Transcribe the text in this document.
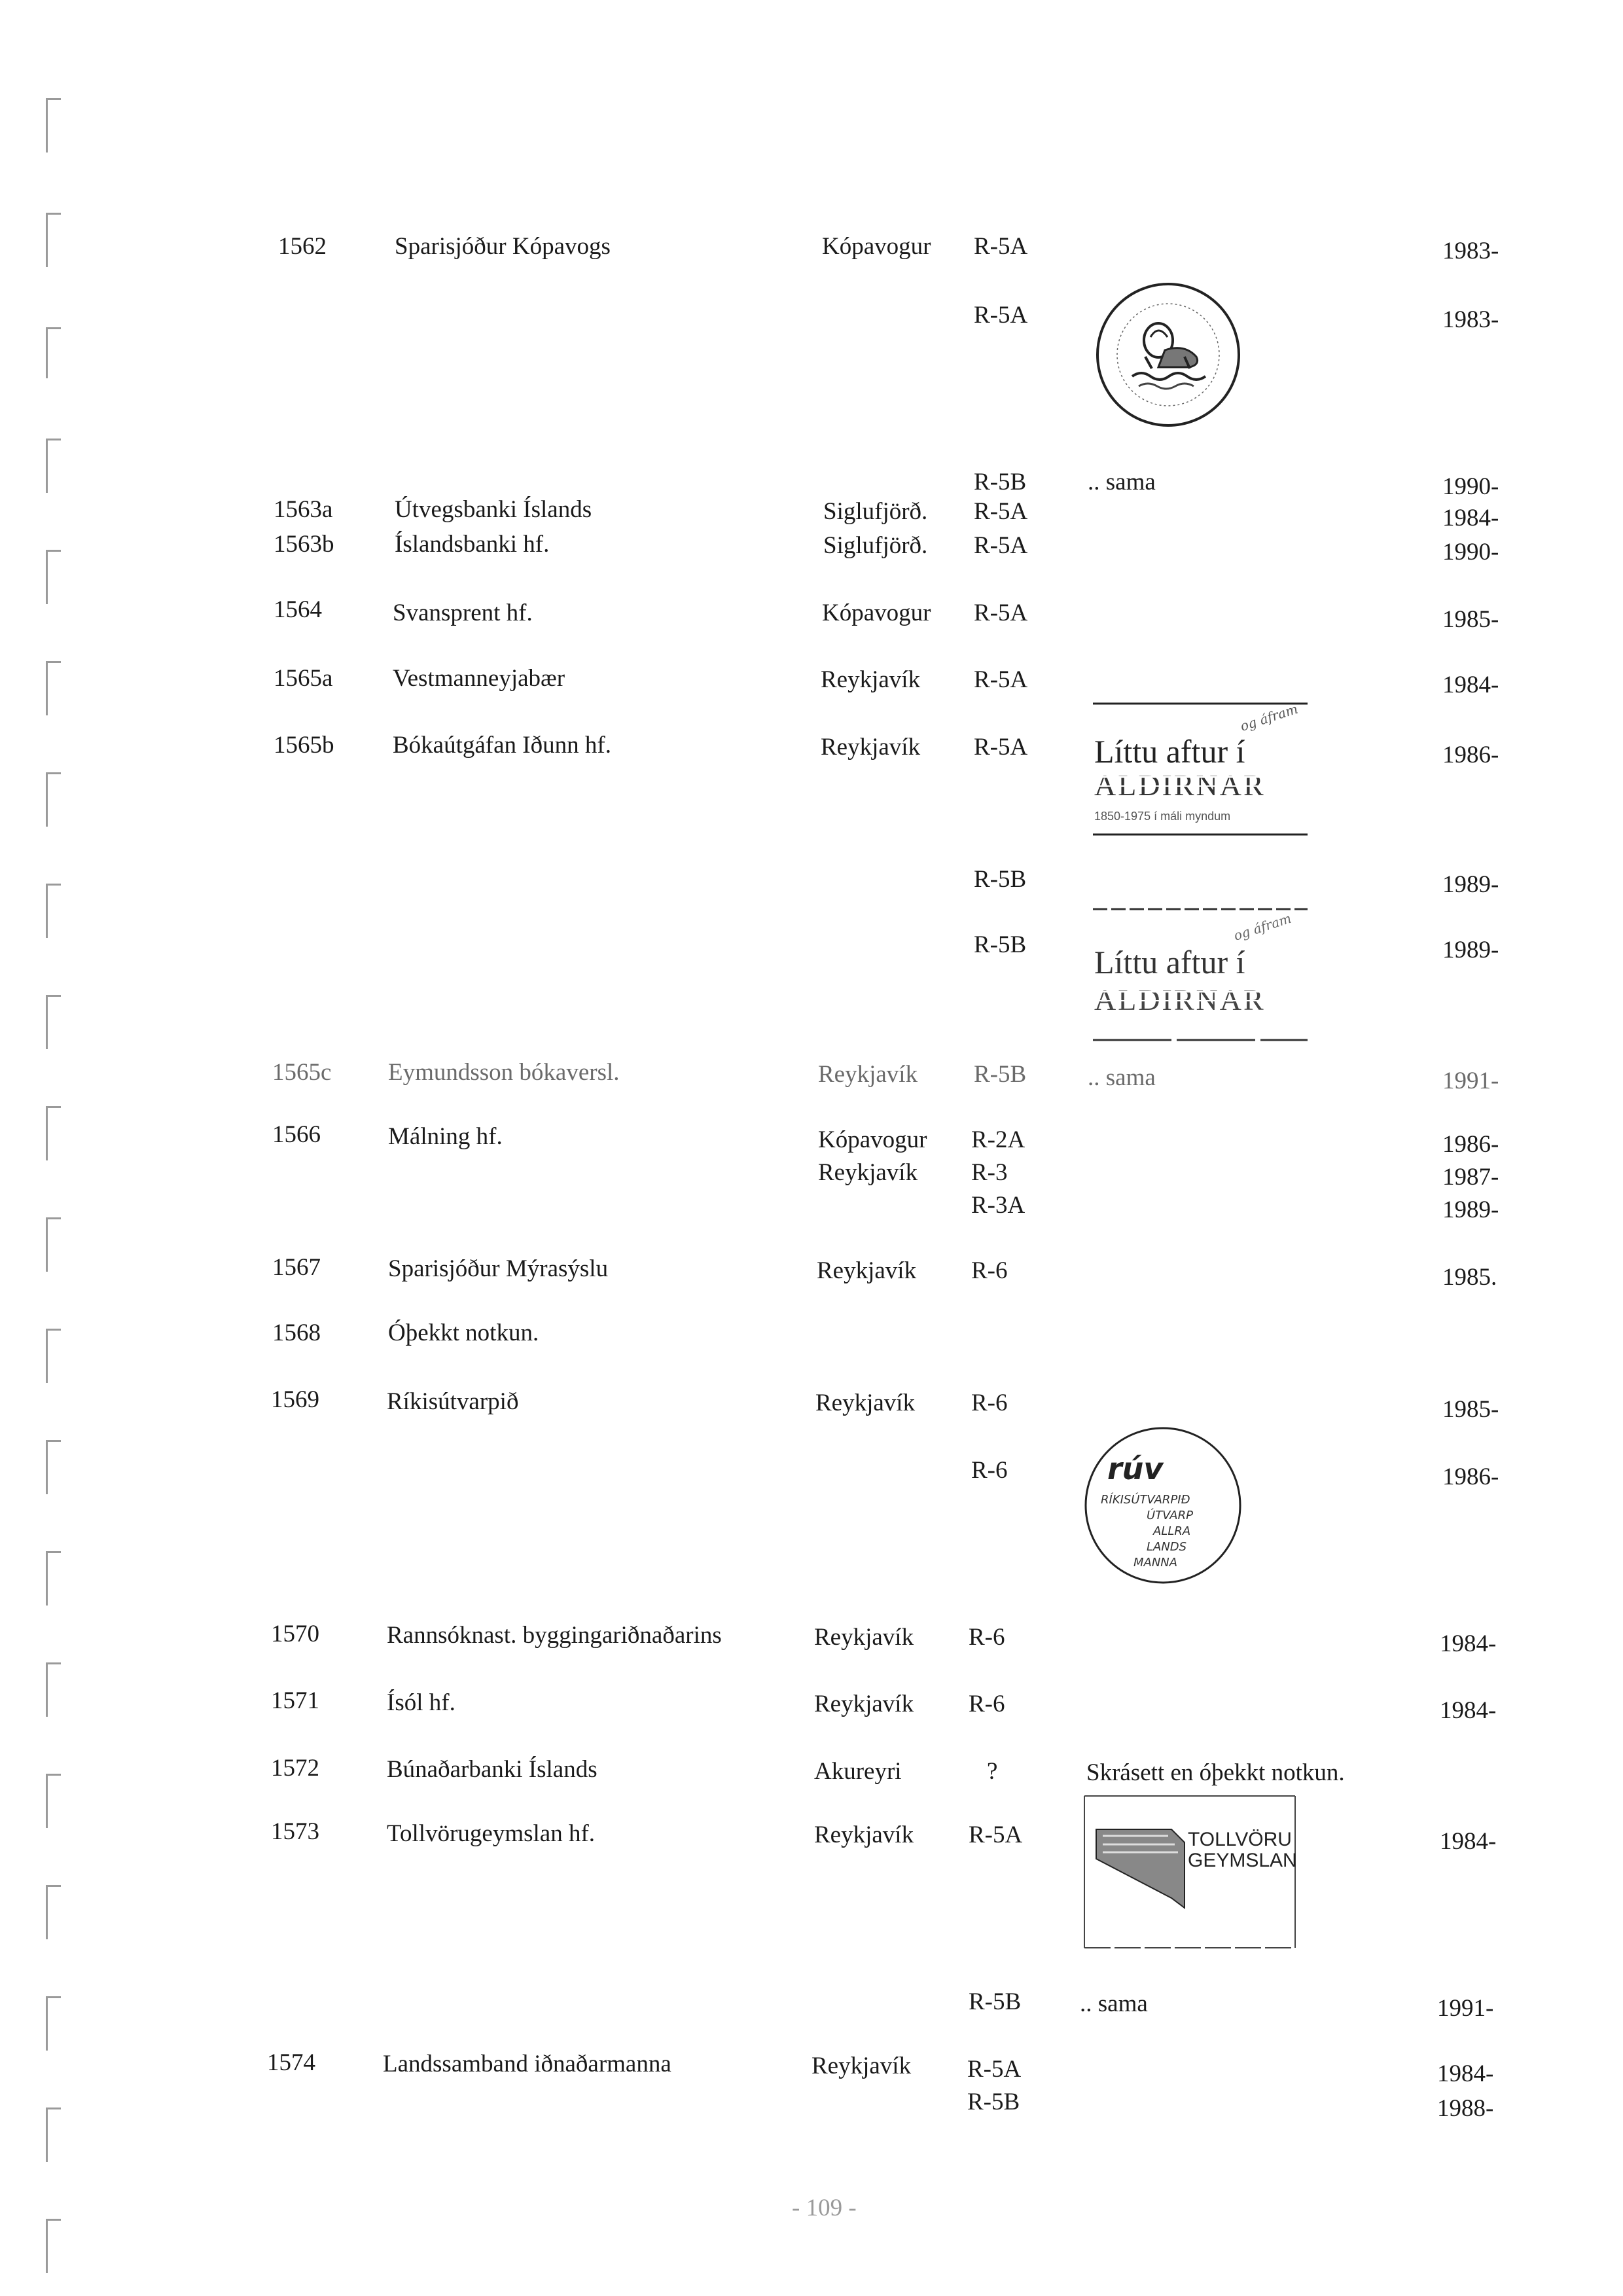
1562	Sparisjóður Kópavogs	Kópavogur R-5A	1983-
R-5A	1983-
R-5B	.. sama	1990-
1563a	Útvegsbanki Íslands	Siglufjörð. R-5A	1984-
1563b	Íslandsbanki hf.	Siglufjörð. R-5A	1990-
1564	Svansprent hf.	Kópavogur R-5A	1985-
1565a Vestmanneyjabær	Reykjavík R-5A	1984-
1565b Bókaútgáfan Iðunn hf.	Reykjavík R-5A	1986-
og áfram
Líttu aftur í
ALDIRNAR
1850-1975 í máli myndum
R-5B	1989-
R-5B	1989-
og áfram
Líttu aftur í
ALDIRNAR
1565c Eymundsson bókaversl.	Reykjavík R-5B	.. sama	1991-
1566	Málning hf.	Kópavogur R-2A	1986-
Reykjavík R-3	1987-
R-3A	1989-
1567	Sparisjóður Mýrasýslu	Reykjavík R-6	1985.
1568	Óþekkt notkun.
1569	Ríkisútvarpið	Reykjavík R-6	1985-
R-6	1986-
rúv
RÍKISÚTVARPIÐ
ÚTVARP
ALLRA
LANDS
MANNA
1570	Rannsóknast. byggingariðnaðarins	Reykjavík R-6	1984-
1571	Ísól hf.	Reykjavík R-6	1984-
1572	Búnaðarbanki Íslands	Akureyri	?	Skrásett en óþekkt notkun.
1573	Tollvörugeymslan hf.	Reykjavík R-5A	1984-
TOLLVÖRU
GEYMSLAN
R-5B .. sama	1991-
1574	Landssamband iðnaðarmanna	Reykjavík R-5A	1984-
R-5B	1988-
- 109 -
